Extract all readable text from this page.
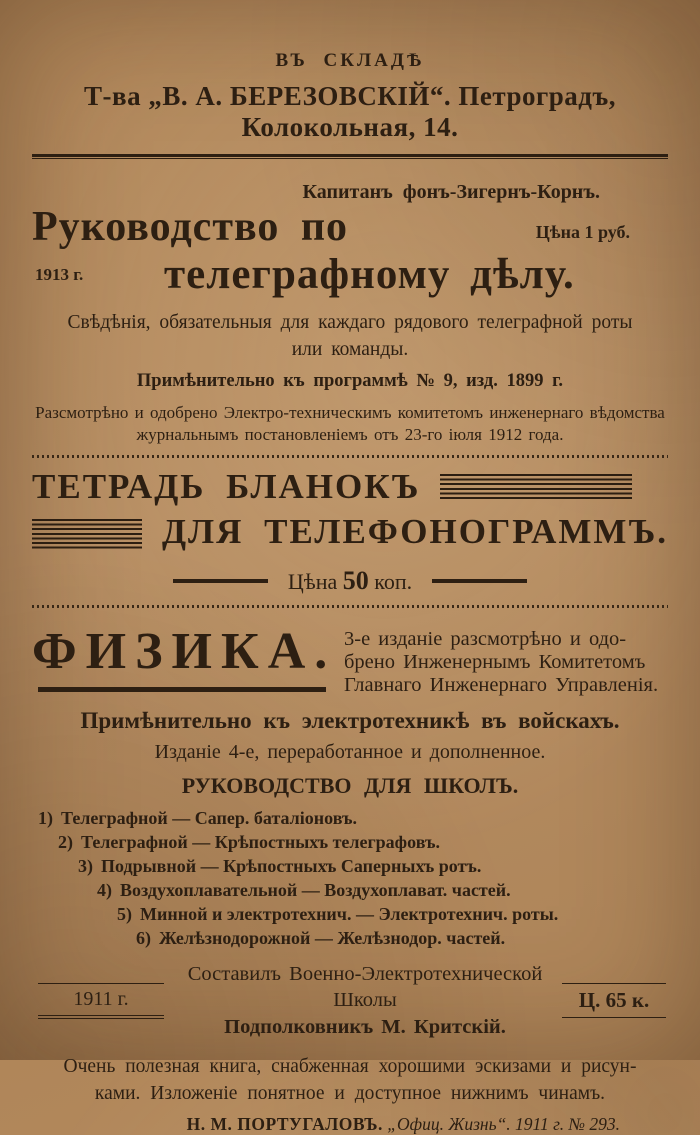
ВЪ СКЛАДѢ
Т-ва „В. А. БЕРЕЗОВСКІЙ“. Петроградъ, Колокольная, 14.
Капитанъ фонъ-Зигернъ-Корнъ.
Руководство по	Цѣна 1 руб.
1913 г.	телеграфному дѣлу.
Свѣдѣнія, обязательныя для каждаго рядового телеграфной роты
или команды.
Примѣнительно къ программѣ № 9, изд. 1899 г.
Разсмотрѣно и одобрено Электро-техническимъ комитетомъ инженернаго вѣдомства
журнальнымъ постановленіемъ отъ 23-го іюля 1912 года.
ТЕТРАДЬ БЛАНОКЪ
ДЛЯ ТЕЛЕФОНОГРАММЪ.
Цѣна 50 коп.
ФИЗИКА. 3-е изданіе разсмотрѣно и одо-
брено Инженернымъ Комитетомъ
Главнаго Инженернаго Управленія.
Примѣнительно къ электротехникѣ въ войскахъ.
Изданіе 4-е, переработанное и дополненное.
РУКОВОДСТВО ДЛЯ ШКОЛЪ.
1) Телеграфной — Сапер. баталіоновъ.
2) Телеграфной — Крѣпостныхъ телеграфовъ.
3) Подрывной — Крѣпостныхъ Саперныхъ ротъ.
4) Воздухоплавательной — Воздухоплават. частей.
5) Минной и электротехнич. — Электротехнич. роты.
6) Желѣзнодорожной — Желѣзнодор. частей.
1911 г.
Составилъ Военно-Электротехнической Школы
Подполковникъ М. Критскій.
Ц. 65 к.
Очень полезная книга, снабженная хорошими эскизами и рисун-
ками. Изложеніе понятное и доступное нижнимъ чинамъ.
Н. М. ПОРТУГАЛОВЪ. „Офиц. Жизнь“. 1911 г. № 293.
